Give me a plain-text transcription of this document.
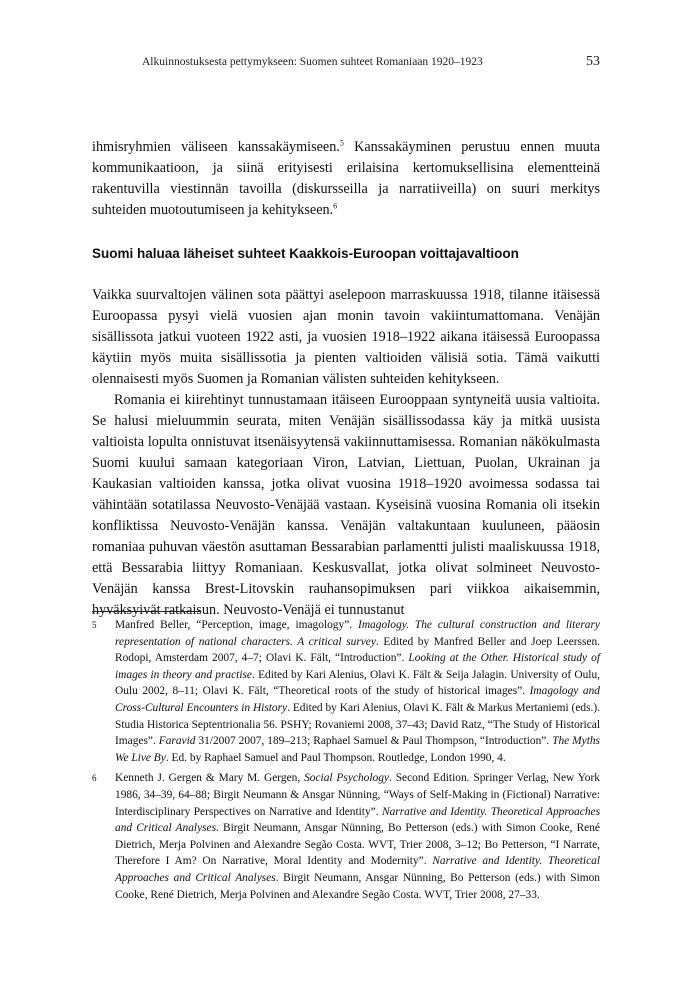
Alkuinnostuksesta pettymykseen: Suomen suhteet Romaniaan 1920–1923	53
ihmisryhmien väliseen kanssakäymiseen.$^5$ Kanssakäyminen perustuu ennen muuta kommunikaatioon, ja siinä erityisesti erilaisina kertomuksellisina elementteinä rakentuvilla viestinnän tavoilla (diskursseilla ja narratiiveilla) on suuri merkitys suhteiden muotoutumiseen ja kehitykseen.$^6$
Suomi haluaa läheiset suhteet Kaakkois-Euroopan voittajavaltioon
Vaikka suurvaltojen välinen sota päättyi aselepoon marraskuussa 1918, tilanne itäisessä Euroopassa pysyi vielä vuosien ajan monin tavoin vakiintumattomana. Venäjän sisällissota jatkui vuoteen 1922 asti, ja vuosien 1918–1922 aikana itäisessä Euroopassa käytiin myös muita sisällissotia ja pienten valtioiden välisiä sotia. Tämä vaikutti olennaisesti myös Suomen ja Romanian välisten suhteiden kehitykseen.
Romania ei kiirehtinyt tunnustamaan itäiseen Eurooppaan syntyneitä uusia valtioita. Se halusi mieluummin seurata, miten Venäjän sisällissodassa käy ja mitkä uusista valtioista lopulta onnistuvat itsenäisyytensä vakiinnuttamisessa. Romanian näkökulmasta Suomi kuului samaan kategoriaan Viron, Latvian, Liettuan, Puolan, Ukrainan ja Kaukasian valtioiden kanssa, jotka olivat vuosina 1918–1920 avoimessa sodassa tai vähintään sotatilassa Neuvosto-Venäjää vastaan. Kyseisinä vuosina Romania oli itsekin konfliktissa Neuvosto-Venäjän kanssa. Venäjän valtakuntaan kuuluneen, pääosin romaniaa puhuvan väestön asuttaman Bessarabian parlamentti julisti maaliskuussa 1918, että Bessarabia liittyy Romaniaan. Keskusvallat, jotka olivat solmineet Neuvosto-Venäjän kanssa Brest-Litovskin rauhansopimuksen pari viikkoa aikaisemmin, hyväksyivät ratkaisun. Neuvosto-Venäjä ei tunnustanut
5 Manfred Beller, “Perception, image, imagology”. Imagology. The cultural construction and literary representation of national characters. A critical survey. Edited by Manfred Beller and Joep Leerssen. Rodopi, Amsterdam 2007, 4–7; Olavi K. Fält, “Introduction”. Looking at the Other. Historical study of images in theory and practise. Edited by Kari Alenius, Olavi K. Fält & Seija Jalagin. University of Oulu, Oulu 2002, 8–11; Olavi K. Fält, “Theoretical roots of the study of historical images”. Imagology and Cross-Cultural Encounters in History. Edited by Kari Alenius, Olavi K. Fält & Markus Mertaniemi (eds.). Studia Historica Septentrionalia 56. PSHY; Rovaniemi 2008, 37–43; David Ratz, “The Study of Historical Images”. Faravid 31/2007 2007, 189–213; Raphael Samuel & Paul Thompson, “Introduction”. The Myths We Live By. Ed. by Raphael Samuel and Paul Thompson. Routledge, London 1990, 4.

6 Kenneth J. Gergen & Mary M. Gergen, Social Psychology. Second Edition. Springer Verlag, New York 1986, 34–39, 64–88; Birgit Neumann & Ansgar Nünning, “Ways of Self-Making in (Fictional) Narrative: Interdisciplinary Perspectives on Narrative and Identity”. Narrative and Identity. Theoretical Approaches and Critical Analyses. Birgit Neumann, Ansgar Nünning, Bo Petterson (eds.) with Simon Cooke, René Dietrich, Merja Polvinen and Alexandre Segão Costa. WVT, Trier 2008, 3–12; Bo Petterson, “I Narrate, Therefore I Am? On Narrative, Moral Identity and Modernity”. Narrative and Identity. Theoretical Approaches and Critical Analyses. Birgit Neumann, Ansgar Nünning, Bo Petterson (eds.) with Simon Cooke, René Dietrich, Merja Polvinen and Alexandre Segão Costa. WVT, Trier 2008, 27–33.
